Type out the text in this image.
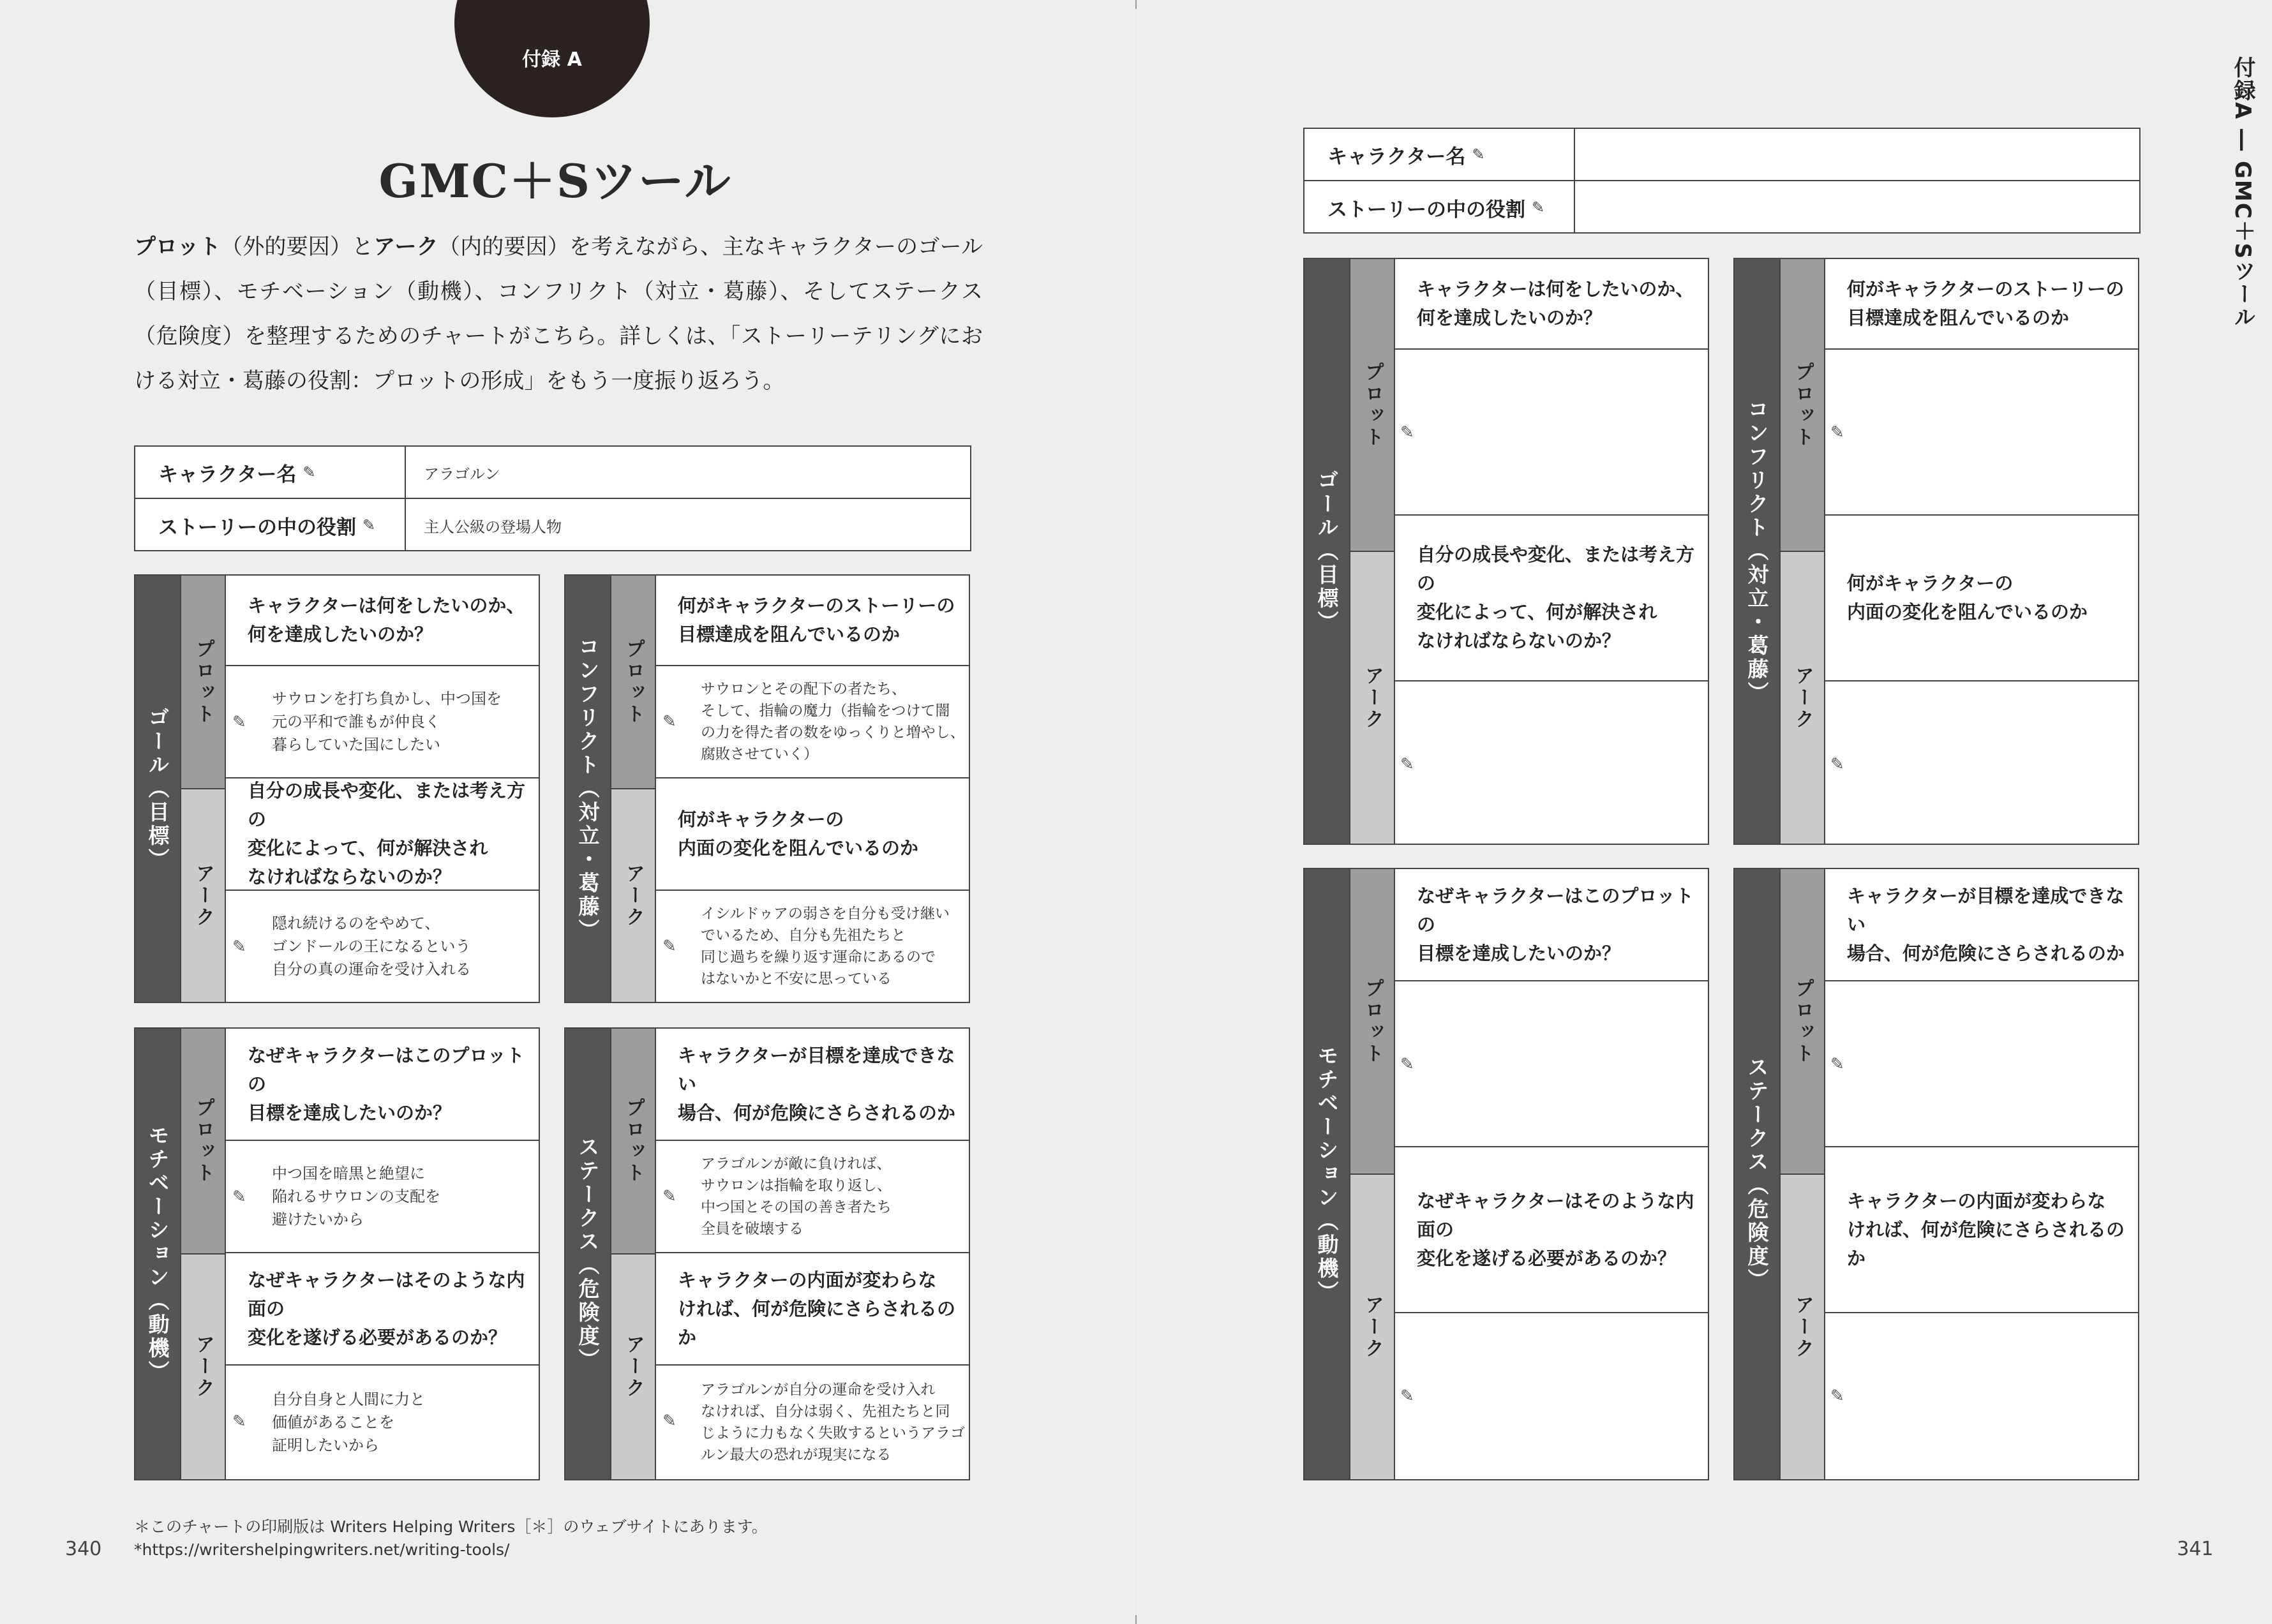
付録 A
GMC＋Sツール
プロット（外的要因）とアーク（内的要因）を考えながら、主なキャラクターのゴール（目標）、モチベーション（動機）、コンフリクト（対立・葛藤）、そしてステークス（危険度）を整理するためのチャートがこちら。詳しくは、「ストーリーテリングにおける対立・葛藤の役割：プロットの形成」をもう一度振り返ろう。
キャラクター名 ✎	アラゴルン
ストーリーの中の役割 ✎	主人公級の登場人物
ゴール（目標）
プロット
アーク
キャラクターは何をしたいのか、
何を達成したいのか？
✎
サウロンを打ち負かし、中つ国を
元の平和で誰もが仲良く
暮らしていた国にしたい
自分の成長や変化、または考え方の
変化によって、何が解決され
なければならないのか？
✎
隠れ続けるのをやめて、
ゴンドールの王になるという
自分の真の運命を受け入れる
コンフリクト（対立・葛藤） プロット
アーク
何がキャラクターのストーリーの
目標達成を阻んでいるのか
✎
サウロンとその配下の者たち、
そして、指輪の魔力（指輪をつけて闇
の力を得た者の数をゆっくりと増やし、
腐敗させていく）
何がキャラクターの
内面の変化を阻んでいるのか
✎
イシルドゥアの弱さを自分も受け継い
でいるため、自分も先祖たちと
同じ過ちを繰り返す運命にあるので
はないかと不安に思っている
モチベーション（動機） プロット
アーク
なぜキャラクターはこのプロットの
目標を達成したいのか？
✎
中つ国を暗黒と絶望に
陥れるサウロンの支配を
避けたいから
なぜキャラクターはそのような内面の
変化を遂げる必要があるのか？
✎
自分自身と人間に力と
価値があることを
証明したいから
ステークス（危険度） プロット
アーク
キャラクターが目標を達成できない
場合、何が危険にさらされるのか
✎
アラゴルンが敵に負ければ、
サウロンは指輪を取り返し、
中つ国とその国の善き者たち
全員を破壊する
キャラクターの内面が変わらな
ければ、何が危険にさらされるのか
✎
アラゴルンが自分の運命を受け入れ
なければ、自分は弱く、先祖たちと同
じように力もなく失敗するというアラゴ
ルン最大の恐れが現実になる
＊このチャートの印刷版は Writers Helping Writers［＊］のウェブサイトにあります。
*https://writershelpingwriters.net/writing-tools/
340
付録A ― GMC＋Sツール
キャラクター名 ✎
ストーリーの中の役割 ✎
ゴール（目標）
プロット
アーク
キャラクターは何をしたいのか、
何を達成したいのか？
✎
自分の成長や変化、または考え方の
変化によって、何が解決され
なければならないのか？
✎
コンフリクト（対立・葛藤） プロット
アーク
何がキャラクターのストーリーの
目標達成を阻んでいるのか
✎
何がキャラクターの
内面の変化を阻んでいるのか
✎
モチベーション（動機）
プロット
アーク
なぜキャラクターはこのプロットの
目標を達成したいのか？
✎
なぜキャラクターはそのような内面の
変化を遂げる必要があるのか？
✎
ステークス（危険度）
プロット
アーク
キャラクターが目標を達成できない
場合、何が危険にさらされるのか
✎
キャラクターの内面が変わらな
ければ、何が危険にさらされるのか
✎
341
